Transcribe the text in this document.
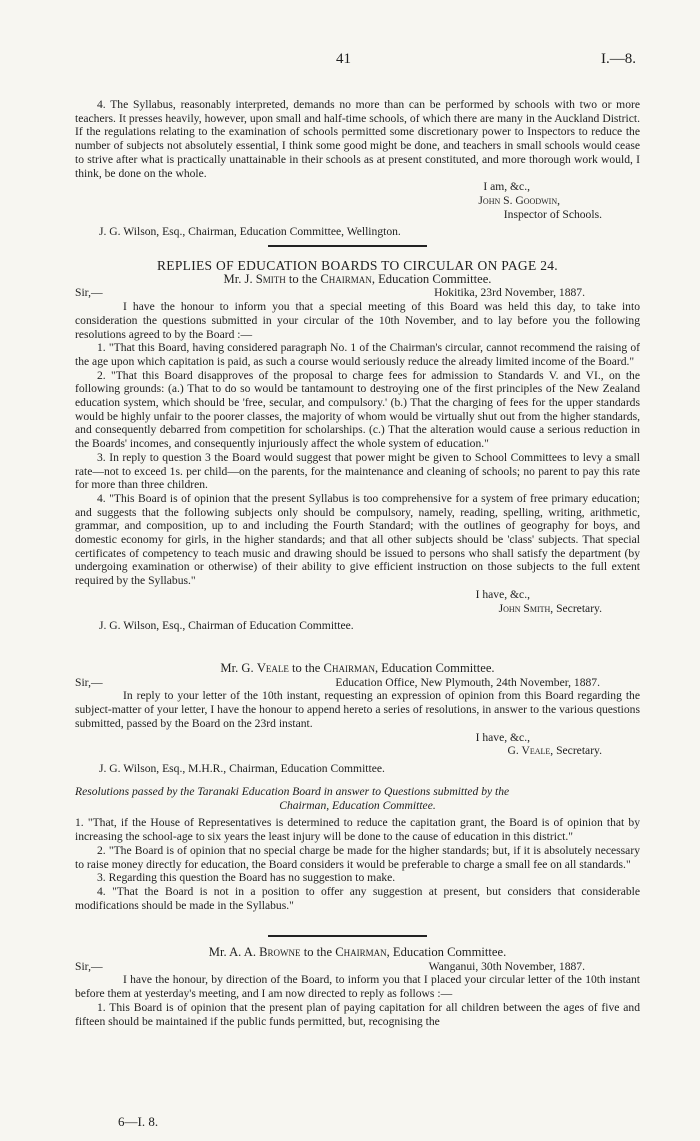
41	I.—8.

4. The Syllabus, reasonably interpreted, demands no more than can be performed by schools with two or more teachers. It presses heavily, however, upon small and half-time schools, of which there are many in the Auckland District. If the regulations relating to the examination of schools permitted some discretionary power to Inspectors to reduce the number of subjects not absolutely essential, I think some good might be done, and teachers in small schools would cease to strive after what is practically unattainable in their schools as at present constituted, and more thorough work would, I think, be done on the whole.

I am, &c.,

John S. Goodwin,

Inspector of Schools.

J. G. Wilson, Esq., Chairman, Education Committee, Wellington.

REPLIES OF EDUCATION BOARDS TO CIRCULAR ON PAGE 24.

Mr. J. Smith to the Chairman, Education Committee.

Sir,—	Hokitika, 23rd November, 1887.

I have the honour to inform you that a special meeting of this Board was held this day, to take into consideration the questions submitted in your circular of the 10th November, and to lay before you the following resolutions agreed to by the Board :—

1. "That this Board, having considered paragraph No. 1 of the Chairman's circular, cannot recommend the raising of the age upon which capitation is paid, as such a course would seriously reduce the already limited income of the Board."

2. "That this Board disapproves of the proposal to charge fees for admission to Standards V. and VI., on the following grounds: (a.) That to do so would be tantamount to destroying one of the first principles of the New Zealand education system, which should be 'free, secular, and compulsory.' (b.) That the charging of fees for the upper standards would be highly unfair to the poorer classes, the majority of whom would be virtually shut out from the higher standards, and consequently debarred from competition for scholarships. (c.) That the alteration would cause a serious reduction in the Boards' incomes, and consequently injuriously affect the whole system of education."

3. In reply to question 3 the Board would suggest that power might be given to School Committees to levy a small rate—not to exceed 1s. per child—on the parents, for the maintenance and cleaning of schools; no parent to pay this rate for more than three children.

4. "This Board is of opinion that the present Syllabus is too comprehensive for a system of free primary education; and suggests that the following subjects only should be compulsory, namely, reading, spelling, writing, arithmetic, grammar, and composition, up to and including the Fourth Standard; with the outlines of geography for boys, and domestic economy for girls, in the higher standards; and that all other subjects should be 'class' subjects. That special certificates of competency to teach music and drawing should be issued to persons who shall satisfy the department (by undergoing examination or otherwise) of their ability to give efficient instruction on those subjects to the full extent required by the Syllabus."

I have, &c.,

John Smith, Secretary.

J. G. Wilson, Esq., Chairman of Education Committee.

Mr. G. Veale to the Chairman, Education Committee.

Sir,—	Education Office, New Plymouth, 24th November, 1887.

In reply to your letter of the 10th instant, requesting an expression of opinion from this Board regarding the subject-matter of your letter, I have the honour to append hereto a series of resolutions, in answer to the various questions submitted, passed by the Board on the 23rd instant.

I have, &c.,

G. Veale, Secretary.

J. G. Wilson, Esq., M.H.R., Chairman, Education Committee.

Resolutions passed by the Taranaki Education Board in answer to Questions submitted by the

Chairman, Education Committee.

1. "That, if the House of Representatives is determined to reduce the capitation grant, the Board is of opinion that by increasing the school-age to six years the least injury will be done to the cause of education in this district."

2. "The Board is of opinion that no special charge be made for the higher standards; but, if it is absolutely necessary to raise money directly for education, the Board considers it would be preferable to charge a small fee on all standards."

3. Regarding this question the Board has no suggestion to make.

4. "That the Board is not in a position to offer any suggestion at present, but considers that considerable modifications should be made in the Syllabus."

Mr. A. A. Browne to the Chairman, Education Committee.

Sir,—	Wanganui, 30th November, 1887.

I have the honour, by direction of the Board, to inform you that I placed your circular letter of the 10th instant before them at yesterday's meeting, and I am now directed to reply as follows :—

1. This Board is of opinion that the present plan of paying capitation for all children between the ages of five and fifteen should be maintained if the public funds permitted, but, recognising the

6—I. 8.
